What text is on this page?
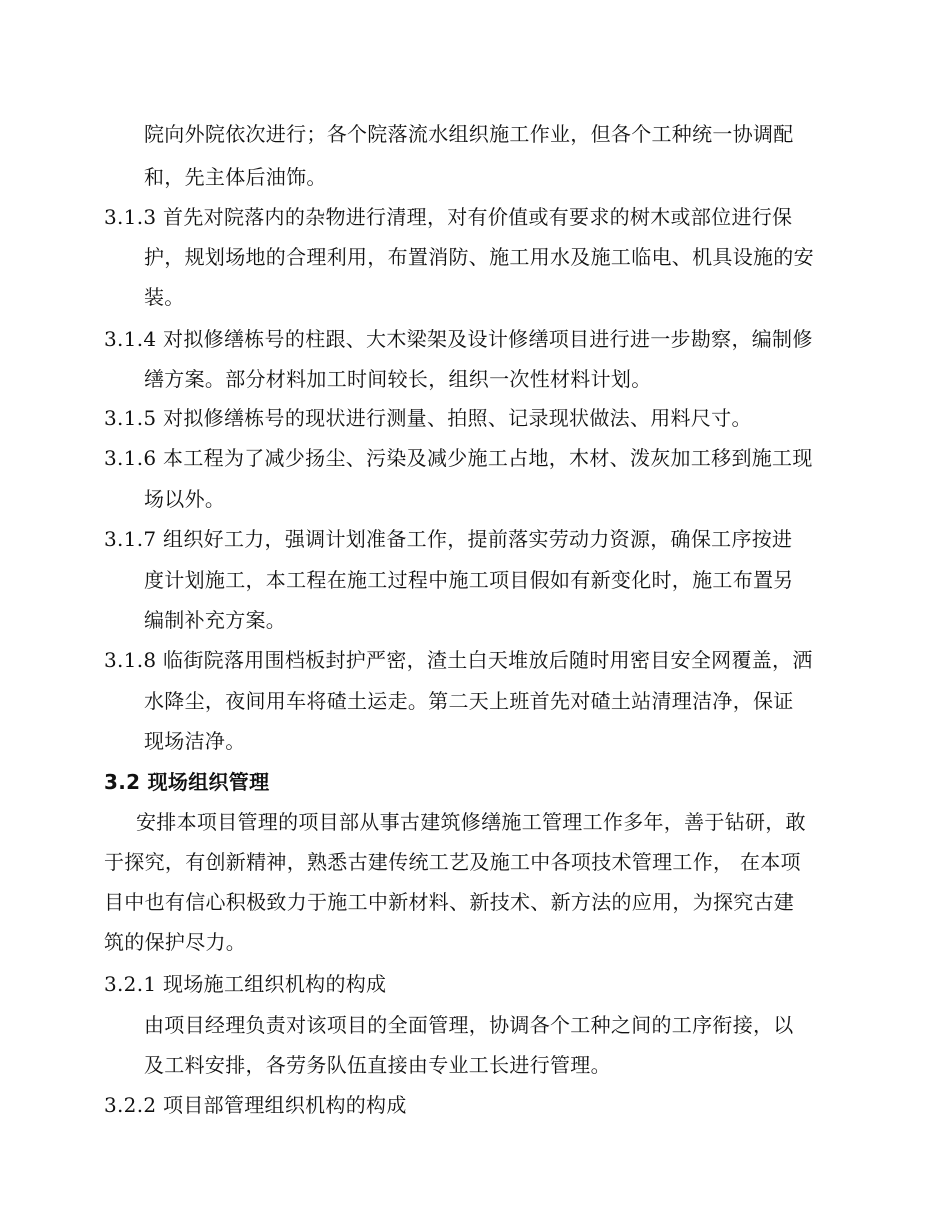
院向外院依次进行；各个院落流水组织施工作业，但各个工种统一协调配
和，先主体后油饰。
3.1.3 首先对院落内的杂物进行清理，对有价值或有要求的树木或部位进行保
护，规划场地的合理利用，布置消防、施工用水及施工临电、机具设施的安
装。
3.1.4 对拟修缮栋号的柱跟、大木梁架及设计修缮项目进行进一步勘察，编制修
缮方案。部分材料加工时间较长，组织一次性材料计划。
3.1.5 对拟修缮栋号的现状进行测量、拍照、记录现状做法、用料尺寸。
3.1.6 本工程为了减少扬尘、污染及减少施工占地，木材、泼灰加工移到施工现
场以外。
3.1.7 组织好工力，强调计划准备工作，提前落实劳动力资源，确保工序按进
度计划施工，本工程在施工过程中施工项目假如有新变化时，施工布置另
编制补充方案。
3.1.8 临街院落用围档板封护严密，渣土白天堆放后随时用密目安全网覆盖，洒
水降尘，夜间用车将碴土运走。第二天上班首先对碴土站清理洁净，保证
现场洁净。
3.2 现场组织管理
安排本项目管理的项目部从事古建筑修缮施工管理工作多年，善于钻研，敢
于探究，有创新精神，熟悉古建传统工艺及施工中各项技术管理工作， 在本项
目中也有信心积极致力于施工中新材料、新技术、新方法的应用，为探究古建
筑的保护尽力。
3.2.1 现场施工组织机构的构成
由项目经理负责对该项目的全面管理，协调各个工种之间的工序衔接，以
及工料安排，各劳务队伍直接由专业工长进行管理。
3.2.2 项目部管理组织机构的构成
